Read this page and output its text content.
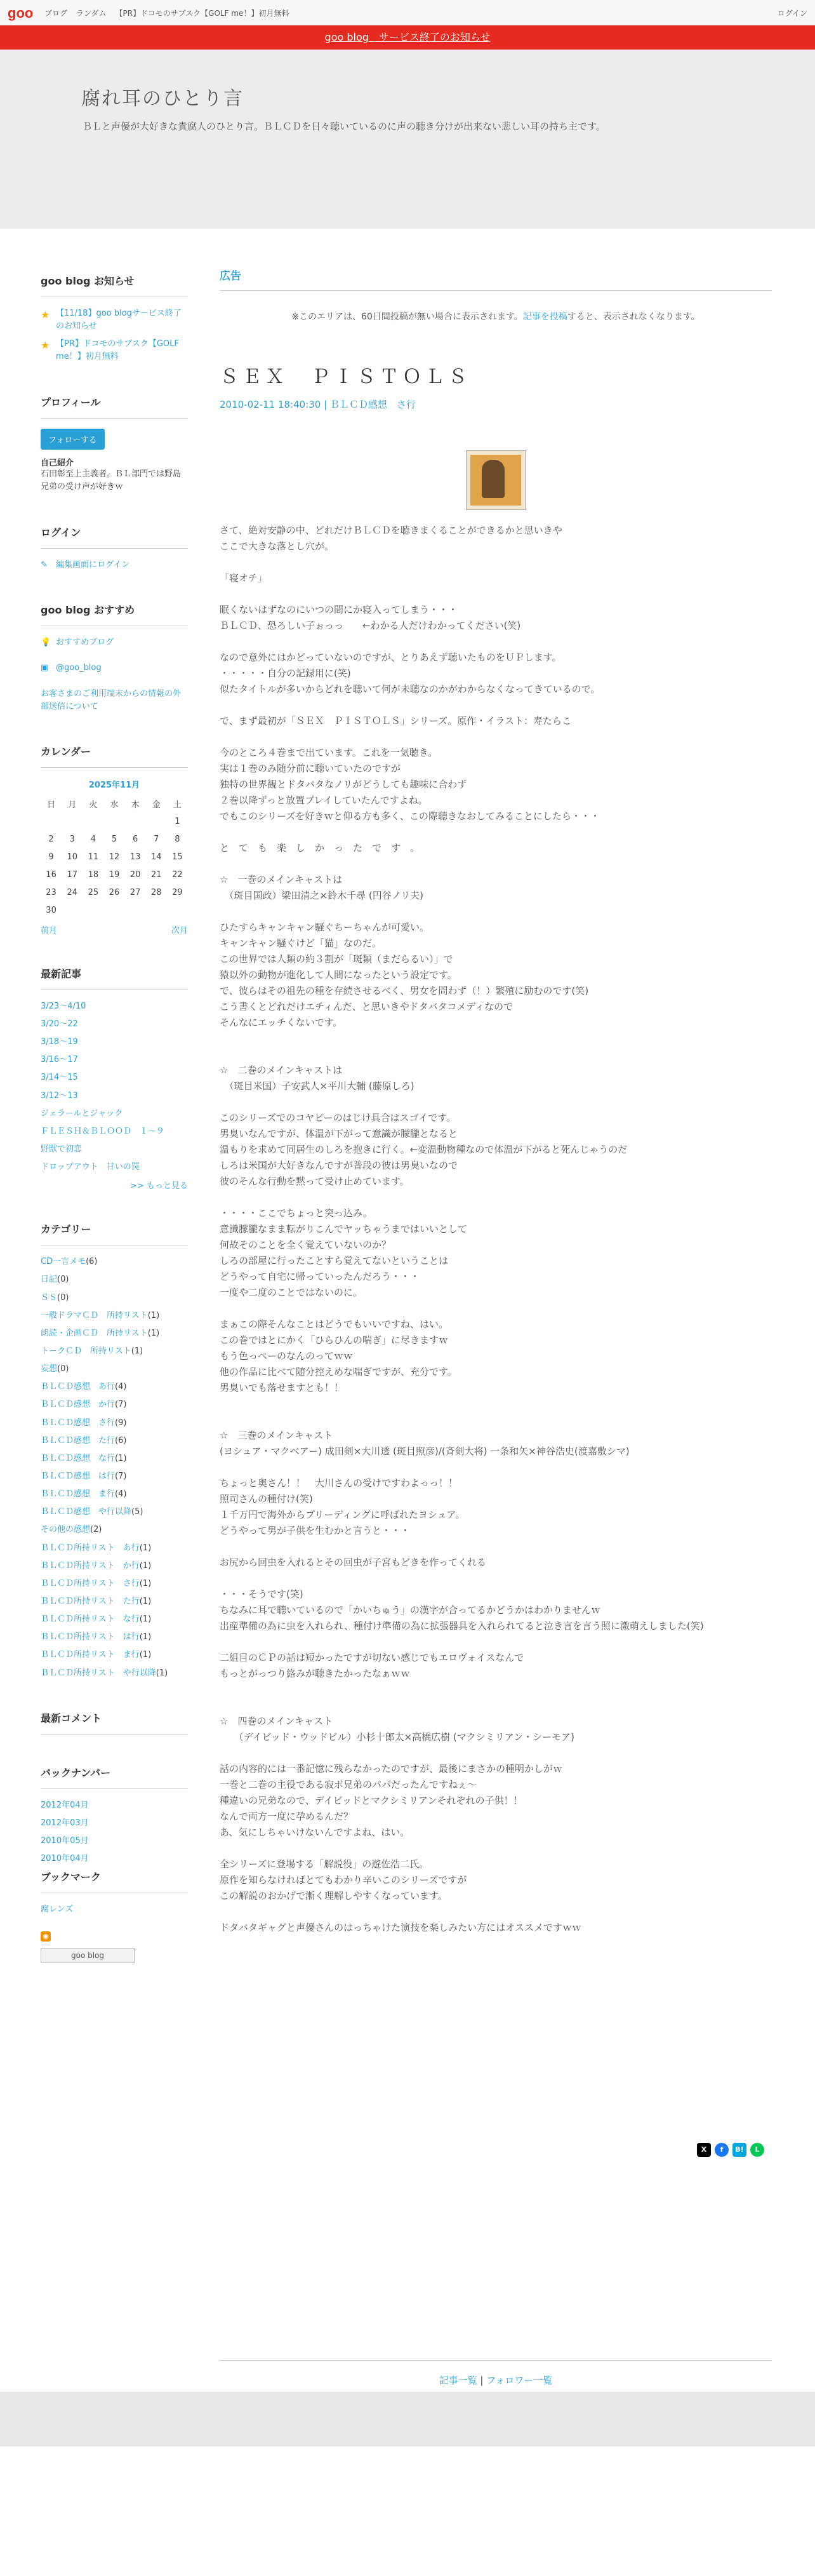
goo ブログ ランダム 【PR】ドコモのサブスク【GOLF me！】初月無料	ログイン
goo blog　サービス終了のお知らせ
腐れ耳のひとり言
ＢＬと声優が大好きな貴腐人のひとり言。ＢＬＣＤを日々聴いているのに声の聴き分けが出来ない悲しい耳の持ち主です。
goo blog お知らせ
★ 【11/18】goo blogサービス終了のお知らせ
★ 【PR】ドコモのサブスク【GOLF me！】初月無料
プロフィール
フォローする
自己紹介
石田彰至上主義者。ＢＬ部門では野島兄弟の受け声が好きｗ
ログイン
✎	編集画面にログイン
goo blog おすすめ
💡 おすすめブログ
▣ @goo_blog
お客さまのご利用端末からの情報の外部送信について
カレンダー
2025年11月
日	月	火	水	木	金	土
						1
2	3	4	5	6	7	8
9	10	11	12	13	14	15
16	17	18	19	20	21	22
23	24	25	26	27	28	29
30						
前月	次月
最新記事
3/23～4/10
3/20～22
3/18～19
3/16～17
3/14～15
3/12～13
ジェラールとジャック
ＦＬＥＳＨ＆ＢＬＯＯＤ　１～９
野獣で初恋
ドロップアウト　甘いの罠
>> もっと見る
カテゴリー
CD一言メモ(6)
日記(0)
ＳＳ(0)
一般ドラマＣＤ　所持リスト(1)
朗読・企画ＣＤ　所持リスト(1)
トークＣＤ　所持リスト(1)
妄想(0)
ＢＬＣＤ感想　あ行(4)
ＢＬＣＤ感想　か行(7)
ＢＬＣＤ感想　さ行(9)
ＢＬＣＤ感想　た行(6)
ＢＬＣＤ感想　な行(1)
ＢＬＣＤ感想　は行(7)
ＢＬＣＤ感想　ま行(4)
ＢＬＣＤ感想　や行以降(5)
その他の感想(2)
ＢＬＣＤ所持リスト　あ行(1)
ＢＬＣＤ所持リスト　か行(1)
ＢＬＣＤ所持リスト　さ行(1)
ＢＬＣＤ所持リスト　た行(1)
ＢＬＣＤ所持リスト　な行(1)
ＢＬＣＤ所持リスト　は行(1)
ＢＬＣＤ所持リスト　ま行(1)
ＢＬＣＤ所持リスト　や行以降(1)
最新コメント
バックナンバー
2012年04月
2012年03月
2010年05月
2010年04月
ブックマーク
腐レンズ
◉
goo blog
広告
※このエリアは、60日間投稿が無い場合に表示されます。記事を投稿すると、表示されなくなります。
ＳＥＸ　ＰＩＳＴＯＬＳ
2010-02-11 18:40:30 | ＢＬＣＤ感想　さ行
さて、絶対安静の中、どれだけＢＬＣＤを聴きまくることができるかと思いきや
ここで大きな落とし穴が。
「寝オチ」
眠くないはずなのにいつの間にか寝入ってしまう・・・
ＢＬＣＤ、恐ろしい子ぉっっ　　←わかる人だけわかってください(笑)
なので意外にはかどっていないのですが、とりあえず聴いたものをＵＰします。
・・・・・自分の記録用に(笑)
似たタイトルが多いからどれを聴いて何が未聴なのかがわからなくなってきているので。
で、まず最初が「ＳＥＸ　ＰＩＳＴＯＬＳ」シリーズ。原作・イラスト：寿たらこ
今のところ４巻まで出ています。これを一気聴き。
実は１巻のみ随分前に聴いていたのですが
独特の世界観とドタバタなノリがどうしても趣味に合わず
２巻以降ずっと放置プレイしていたんですよね。
でもこのシリーズを好きｗと仰る方も多く、この際聴きなおしてみることにしたら・・・
と　て　も　楽　し　か　っ　た　で　す　。
☆　一巻のメインキャストは
　（斑目国政）梁田清之×鈴木千尋 (円谷ノリ夫)
ひたすらキャンキャン騒ぐちーちゃんが可愛い。
キャンキャン騒ぐけど「猫」なのだ。
この世界では人類の約３割が「斑類（まだらるい）」で
猿以外の動物が進化して人間になったという設定です。
で、彼らはその祖先の種を存続させるべく、男女を問わず（！）繁殖に励むのです(笑)
こう書くとどれだけエチィんだ、と思いきやドタバタコメディなので
そんなにエッチくないです。
☆　二巻のメインキャストは
　（斑目米国）子安武人×平川大輔 (藤原しろ)
このシリーズでのコヤピーのはじけ具合はスゴイです。
男臭いなんですが、体温が下がって意識が朦朧となると
温もりを求めて同居生のしろを抱きに行く。←変温動物種なので体温が下がると死んじゃうのだ
しろは米国が大好きなんですが普段の彼は男臭いなので
彼のそんな行動を黙って受け止めています。
・・・・ここでちょっと突っ込み。
意識朦朧なまま転がりこんでヤッちゃうまではいいとして
何故そのことを全く覚えていないのか？
しろの部屋に行ったことすら覚えてないということは
どうやって自宅に帰っていったんだろう・・・
一度や二度のことではないのに。
まぁこの際そんなことはどうでもいいですね、はい。
この巻ではとにかく「ひらひんの喘ぎ」に尽きますｗ
もう色っぺーのなんのってｗｗ
他の作品に比べて随分控えめな喘ぎですが、充分です。
男臭いでも落せますとも！！
☆　三巻のメインキャスト
(ヨシュア・マクベアー) 成田剣×大川透 (斑目照彦)/(斉剣大将) 一条和矢×神谷浩史(渡嘉敷シマ)
ちょっと奥さん！！　大川さんの受けですわよっっ！！
照司さんの種付け(笑)
１千万円で海外からブリーディングに呼ばれたヨシュア。
どうやって男が子供を生むかと言うと・・・
お尻から回虫を入れるとその回虫が子宮もどきを作ってくれる
・・・そうです(笑)
ちなみに耳で聴いているので「かいちゅう」の漢字が合ってるかどうかはわかりませんｗ
出産準備の為に虫を入れられ、種付け準備の為に拡張器具を入れられてると泣き言を言う照に激萌えしました(笑)
二組目のＣＰの話は短かったですが切ない感じでもエロヴォイスなんで
もっとがっつり絡みが聴きたかったなぁｗｗ
☆　四巻のメインキャスト
　　（デイビッド・ウッドビル）小杉十郎太×高橋広樹 (マクシミリアン・シーモア)
話の内容的には一番記憶に残らなかったのですが、最後にまさかの種明かしがｗ
一巻と二巻の主役である寂ボ兄弟のパパだったんですねぇ～
種違いの兄弟なので、デイビッドとマクシミリアンそれぞれの子供！！
なんで両方一度に孕めるんだ？
あ、気にしちゃいけないんですよね、はい。
全シリーズに登場する「解説役」の遊佐浩二氏。
原作を知らなければとてもわかり辛いこのシリーズですが
この解説のおかげで漸く理解しやすくなっています。
ドタバタギャグと声優さんのはっちゃけた演技を楽しみたい方にはオススメですｗｗ
X	f	B!	L
記事一覧 | フォロワー一覧
